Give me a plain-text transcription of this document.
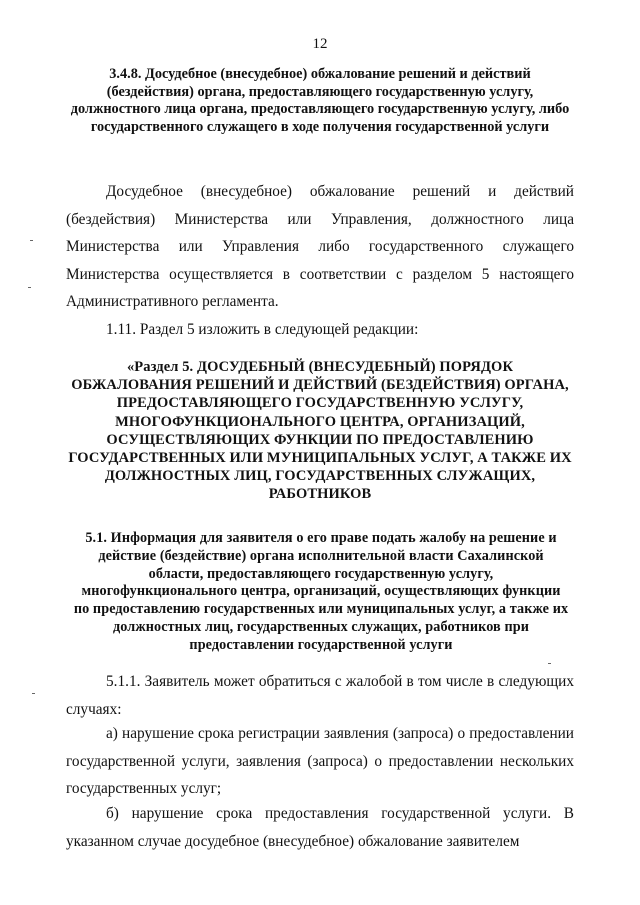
12
3.4.8. Досудебное (внесудебное) обжалование решений и действий (бездействия) органа, предоставляющего государственную услугу, должностного лица органа, предоставляющего государственную услугу, либо государственного служащего в ходе получения государственной услуги
Досудебное (внесудебное) обжалование решений и действий (бездействия) Министерства или Управления, должностного лица Министерства или Управления либо государственного служащего Министерства осуществляется в соответствии с разделом 5 настоящего Административного регламента.
1.11. Раздел 5 изложить в следующей редакции:
«Раздел 5. ДОСУДЕБНЫЙ (ВНЕСУДЕБНЫЙ) ПОРЯДОК ОБЖАЛОВАНИЯ РЕШЕНИЙ И ДЕЙСТВИЙ (БЕЗДЕЙСТВИЯ) ОРГАНА, ПРЕДОСТАВЛЯЮЩЕГО ГОСУДАРСТВЕННУЮ УСЛУГУ, МНОГОФУНКЦИОНАЛЬНОГО ЦЕНТРА, ОРГАНИЗАЦИЙ, ОСУЩЕСТВЛЯЮЩИХ ФУНКЦИИ ПО ПРЕДОСТАВЛЕНИЮ ГОСУДАРСТВЕННЫХ ИЛИ МУНИЦИПАЛЬНЫХ УСЛУГ, А ТАКЖЕ ИХ ДОЛЖНОСТНЫХ ЛИЦ, ГОСУДАРСТВЕННЫХ СЛУЖАЩИХ, РАБОТНИКОВ
5.1. Информация для заявителя о его праве подать жалобу на решение и действие (бездействие) органа исполнительной власти Сахалинской области, предоставляющего государственную услугу, многофункционального центра, организаций, осуществляющих функции по предоставлению государственных или муниципальных услуг, а также их должностных лиц, государственных служащих, работников при предоставлении государственной услуги
5.1.1. Заявитель может обратиться с жалобой в том числе в следующих случаях:
а) нарушение срока регистрации заявления (запроса) о предоставлении государственной услуги, заявления (запроса) о предоставлении нескольких государственных услуг;
б) нарушение срока предоставления государственной услуги. В указанном случае досудебное (внесудебное) обжалование заявителем
